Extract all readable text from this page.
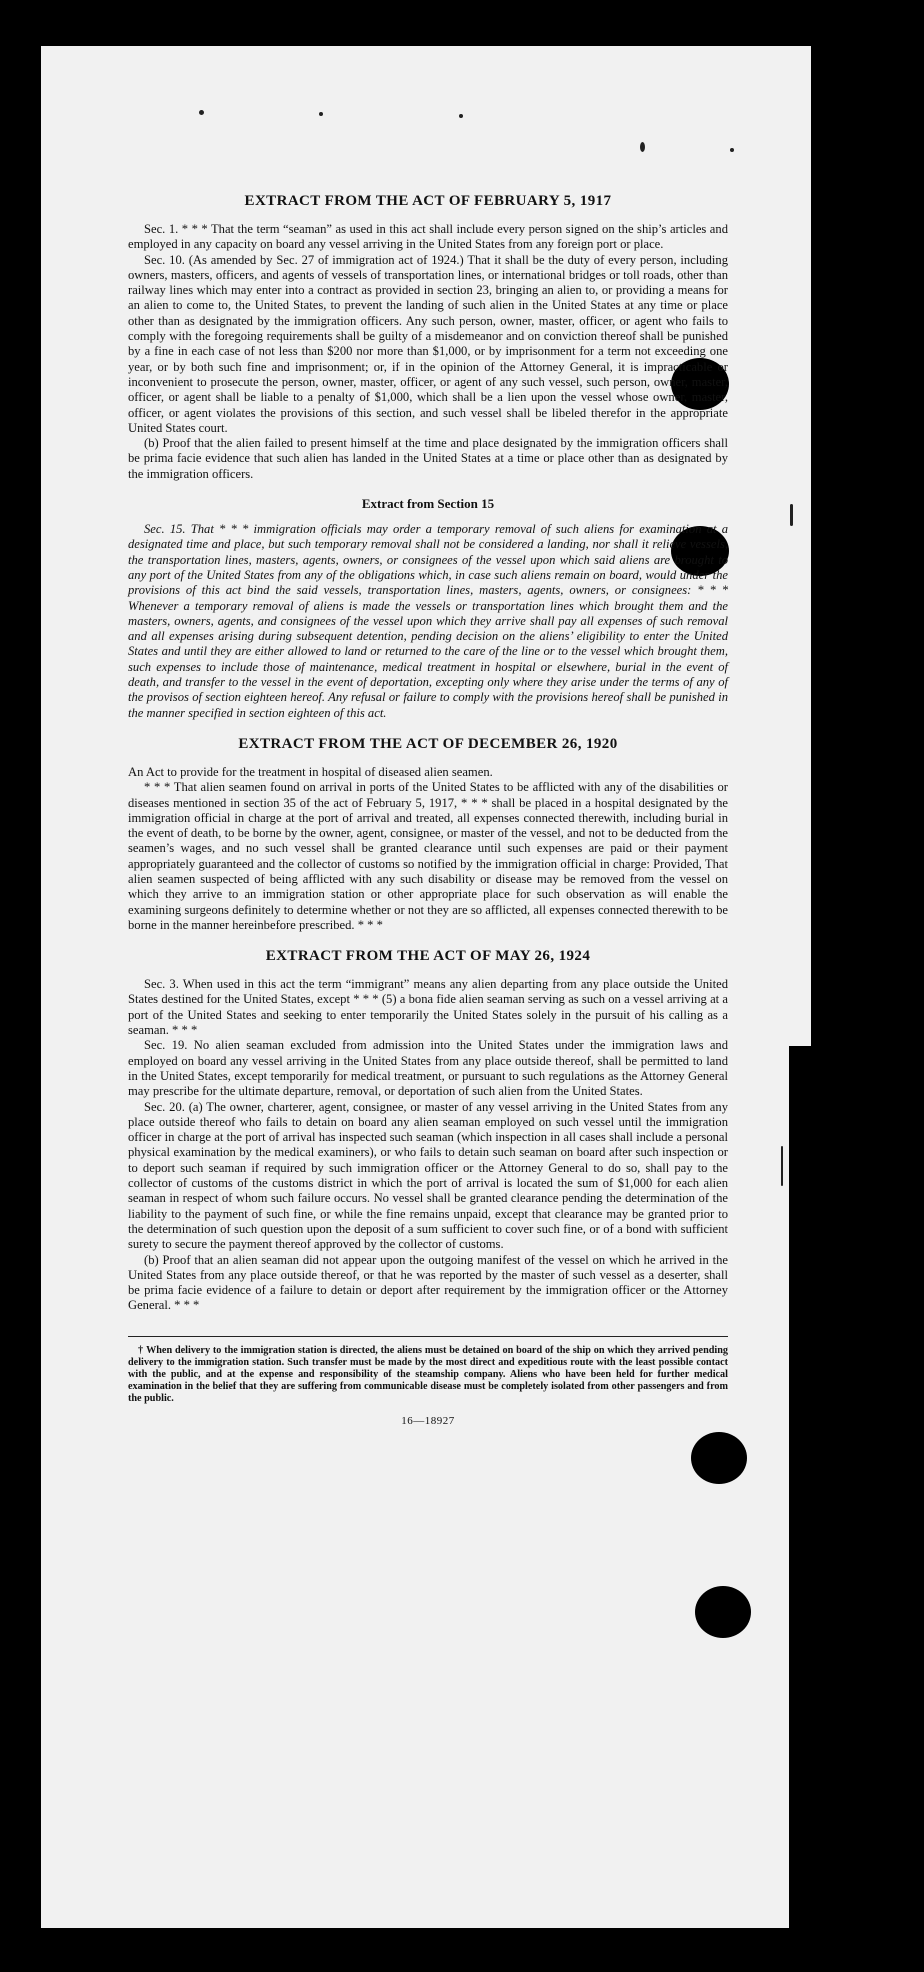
EXTRACT FROM THE ACT OF FEBRUARY 5, 1917

Sec. 1. * * * That the term “seaman” as used in this act shall include every person signed on the ship’s articles and employed in any capacity on board any vessel arriving in the United States from any foreign port or place.

Sec. 10. (As amended by Sec. 27 of immigration act of 1924.) That it shall be the duty of every person, including owners, masters, officers, and agents of vessels of transportation lines, or international bridges or toll roads, other than railway lines which may enter into a contract as provided in section 23, bringing an alien to, or providing a means for an alien to come to, the United States, to prevent the landing of such alien in the United States at any time or place other than as designated by the immigration officers. Any such person, owner, master, officer, or agent who fails to comply with the foregoing requirements shall be guilty of a misdemeanor and on conviction thereof shall be punished by a fine in each case of not less than $200 nor more than $1,000, or by imprisonment for a term not exceeding one year, or by both such fine and imprisonment; or, if in the opinion of the Attorney General, it is impracticable or inconvenient to prosecute the person, owner, master, officer, or agent of any such vessel, such person, owner, master, officer, or agent shall be liable to a penalty of $1,000, which shall be a lien upon the vessel whose owner, master, officer, or agent violates the provisions of this section, and such vessel shall be libeled therefor in the appropriate United States court.

(b) Proof that the alien failed to present himself at the time and place designated by the immigration officers shall be prima facie evidence that such alien has landed in the United States at a time or place other than as designated by the immigration officers.

Extract from Section 15

Sec. 15. That * * * immigration officials may order a temporary removal of such aliens for examination at a designated time and place, but such temporary removal shall not be considered a landing, nor shall it relieve vessels, the transportation lines, masters, agents, owners, or consignees of the vessel upon which said aliens are brought to any port of the United States from any of the obligations which, in case such aliens remain on board, would under the provisions of this act bind the said vessels, transportation lines, masters, agents, owners, or consignees: * * * Whenever a temporary removal of aliens is made the vessels or transportation lines which brought them and the masters, owners, agents, and consignees of the vessel upon which they arrive shall pay all expenses of such removal and all expenses arising during subsequent detention, pending decision on the aliens’ eligibility to enter the United States and until they are either allowed to land or returned to the care of the line or to the vessel which brought them, such expenses to include those of maintenance, medical treatment in hospital or elsewhere, burial in the event of death, and transfer to the vessel in the event of deportation, excepting only where they arise under the terms of any of the provisos of section eighteen hereof. Any refusal or failure to comply with the provisions hereof shall be punished in the manner specified in section eighteen of this act.

EXTRACT FROM THE ACT OF DECEMBER 26, 1920

An Act to provide for the treatment in hospital of diseased alien seamen.

* * * That alien seamen found on arrival in ports of the United States to be afflicted with any of the disabilities or diseases mentioned in section 35 of the act of February 5, 1917, * * * shall be placed in a hospital designated by the immigration official in charge at the port of arrival and treated, all expenses connected therewith, including burial in the event of death, to be borne by the owner, agent, consignee, or master of the vessel, and not to be deducted from the seamen’s wages, and no such vessel shall be granted clearance until such expenses are paid or their payment appropriately guaranteed and the collector of customs so notified by the immigration official in charge: Provided, That alien seamen suspected of being afflicted with any such disability or disease may be removed from the vessel on which they arrive to an immigration station or other appropriate place for such observation as will enable the examining surgeons definitely to determine whether or not they are so afflicted, all expenses connected therewith to be borne in the manner hereinbefore prescribed. * * *

EXTRACT FROM THE ACT OF MAY 26, 1924

Sec. 3. When used in this act the term “immigrant” means any alien departing from any place outside the United States destined for the United States, except * * * (5) a bona fide alien seaman serving as such on a vessel arriving at a port of the United States and seeking to enter temporarily the United States solely in the pursuit of his calling as a seaman. * * *

Sec. 19. No alien seaman excluded from admission into the United States under the immigration laws and employed on board any vessel arriving in the United States from any place outside thereof, shall be permitted to land in the United States, except temporarily for medical treatment, or pursuant to such regulations as the Attorney General may prescribe for the ultimate departure, removal, or deportation of such alien from the United States.

Sec. 20. (a) The owner, charterer, agent, consignee, or master of any vessel arriving in the United States from any place outside thereof who fails to detain on board any alien seaman employed on such vessel until the immigration officer in charge at the port of arrival has inspected such seaman (which inspection in all cases shall include a personal physical examination by the medical examiners), or who fails to detain such seaman on board after such inspection or to deport such seaman if required by such immigration officer or the Attorney General to do so, shall pay to the collector of customs of the customs district in which the port of arrival is located the sum of $1,000 for each alien seaman in respect of whom such failure occurs. No vessel shall be granted clearance pending the determination of the liability to the payment of such fine, or while the fine remains unpaid, except that clearance may be granted prior to the determination of such question upon the deposit of a sum sufficient to cover such fine, or of a bond with sufficient surety to secure the payment thereof approved by the collector of customs.

(b) Proof that an alien seaman did not appear upon the outgoing manifest of the vessel on which he arrived in the United States from any place outside thereof, or that he was reported by the master of such vessel as a deserter, shall be prima facie evidence of a failure to detain or deport after requirement by the immigration officer or the Attorney General. * * *

† When delivery to the immigration station is directed, the aliens must be detained on board of the ship on which they arrived pending delivery to the immigration station. Such transfer must be made by the most direct and expeditious route with the least possible contact with the public, and at the expense and responsibility of the steamship company. Aliens who have been held for further medical examination in the belief that they are suffering from communicable disease must be completely isolated from other passengers and from the public.

16—18927
